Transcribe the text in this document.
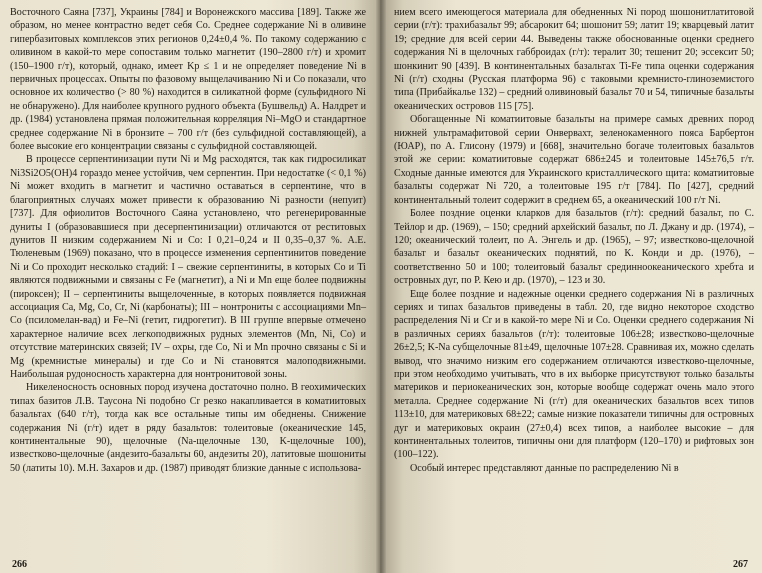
Восточного Саяна [737], Украины [784] и Воронежского массива [189]. Также же образом, но менее контрастно ведет себя Co. Среднее содержание Ni в оливине гипербазитовых комплексов этих регионов 0,24±0,4 %. По такому содержанию с оливином в какой-то мере сопоставим только магнетит (190–2800 г/т) и хромит (150–1900 г/т), который, однако, имеет Kp ≤ 1 и не определяет поведение Ni в первичных процессах. Опыты по фазовому выщелачиванию Ni и Co показали, что основное их количество (> 80 %) находится в силикатной форме (сульфидного Ni не обнаружено). Для наиболее крупного рудного объекта (Бушвельд) А. Налдрет и др. (1984) установлена прямая положительная корреляция Ni–MgO и стандартное среднее содержание Ni в бронзите – 700 г/т (без сульфидной составляющей), а более высокие его концентрации связаны с сульфидной составляющей.

В процессе серпентинизации пути Ni и Mg расходятся, так как гидросиликат Ni3Si2O5(OH)4 гораздо менее устойчив, чем серпентин. При недостатке (< 0,1 %) Ni может входить в магнетит и частично оставаться в серпентине, что в благоприятных случаях может привести к образованию Ni разности (непуит) [737]. Для офиолитов Восточного Саяна установлено, что регенерированные дуниты I (образовавшиеся при десерпентинизации) отличаются от реститовых дунитов II низким содержанием Ni и Co: I 0,21–0,24 и II 0,35–0,37 %. А.Е. Тюленевым (1969) показано, что в процессе изменения серпентинитов поведение Ni и Co проходит несколько стадий: I – свежие серпентиниты, в которых Co и Ti являются подвижными и связаны с Fe (магнетит), а Ni и Mn еще более подвижны (пироксен); II – серпентиниты выщелоченные, в которых появляется подвижная ассоциация Ca, Mg, Co, Cr, Ni (карбонаты); III – нонтрониты с ассоциациями Mn–Co (псиломелан-вад) и Fe–Ni (гетит, гидрогетит). В III группе впервые отмечено характерное наличие всех легкоподвижных рудных элементов (Mn, Ni, Co) и отсутствие материнских связей; IV – охры, где Co, Ni и Mn прочно связаны с Si и Mg (кремнистые минералы) и где Co и Ni становятся малоподвижными. Наибольшая рудоносность характерна для нонтронитовой зоны.

Никеленосность основных пород изучена достаточно полно. В геохимических типах базитов Л.В. Таусона Ni подобно Cr резко накапливается в коматиитовых базальтах (640 г/т), тогда как все остальные типы им обеднены. Снижение содержания Ni (г/т) идет в ряду базальтов: толеитовые (океанические 145, континентальные 90), щелочные (Na-щелочные 130, K-щелочные 100), известково-щелочные (андезито-базальты 60, андезиты 20), латитовые шошониты 50 (латиты 10). М.Н. Захаров и др. (1987) приводят близкие данные с использова-

266

нием всего имеющегося материала для обедненных Ni пород шошонитлатитовой серии (г/т): трахибазальт 99; абсарокит 64; шошонит 59; латит 19; кварцевый латит 19; средние для всей серии 44. Выведены также обоснованные оценки среднего содержания Ni в щелочных габброидах (г/т): тералит 30; тешенит 20; эссексит 50; шонкинит 90 [439]. В континентальных базальтах Ti-Fe типа оценки содержания Ni (г/т) сходны (Русская платформа 96) с таковыми кремнисто-глиноземистого типа (Прибайкалье 132) – средний оливиновый базальт 70 и 54, типичные базальты океанических островов 115 [75].

Обогащенные Ni коматиитовые базальты на примере самых древних пород нижней ультрамафитовой серии Онвервахт, зеленокаменного пояса Барбертон (ЮАР), по А. Глисону (1979) и [668], значительно богаче толеитовых базальтов этой же серии: коматиитовые содержат 686±245 и толеитовые 145±76,5 г/т. Сходные данные имеются для Украинского кристаллического щита: коматиитовые базальты содержат Ni 720, а толеитовые 195 г/т [784]. По [427], средний континентальный толеит содержит в среднем 65, а океанический 100 г/т Ni.

Более поздние оценки кларков для базальтов (г/т): средний базальт, по С. Тейлор и др. (1969), – 150; средний архейский базальт, по Л. Джану и др. (1974), – 120; океанический толеит, по А. Энгель и др. (1965), – 97; известково-щелочной базальт и базальт океанических поднятий, по К. Конди и др. (1976), – соответственно 50 и 100; толеитовый базальт срединноокеанического хребта и островных дуг, по Р. Кею и др. (1970), – 123 и 30.

Еще более поздние и надежные оценки среднего содержания Ni в различных сериях и типах базальтов приведены в табл. 20, где видно некоторое сходство распределения Ni и Cr и в какой-то мере Ni и Co. Оценки среднего содержания Ni в различных сериях базальтов (г/т): толеитовые 106±28; известково-щелочные 26±2,5; K-Na субщелочные 81±49, щелочные 107±28. Сравнивая их, можно сделать вывод, что значимо низким его содержанием отличаются известково-щелочные, при этом необходимо учитывать, что в их выборке присутствуют только базальты материков и периокеанических зон, которые вообще содержат очень мало этого металла. Среднее содержание Ni (г/т) для океанических базальтов всех типов 113±10, для материковых 68±22; самые низкие показатели типичны для островных дуг и материковых окраин (27±0,4) всех типов, а наиболее высокие – для континентальных толеитов, типичны они для платформ (120–170) и рифтовых зон (100–122).

Особый интерес представляют данные по распределению Ni в

267
